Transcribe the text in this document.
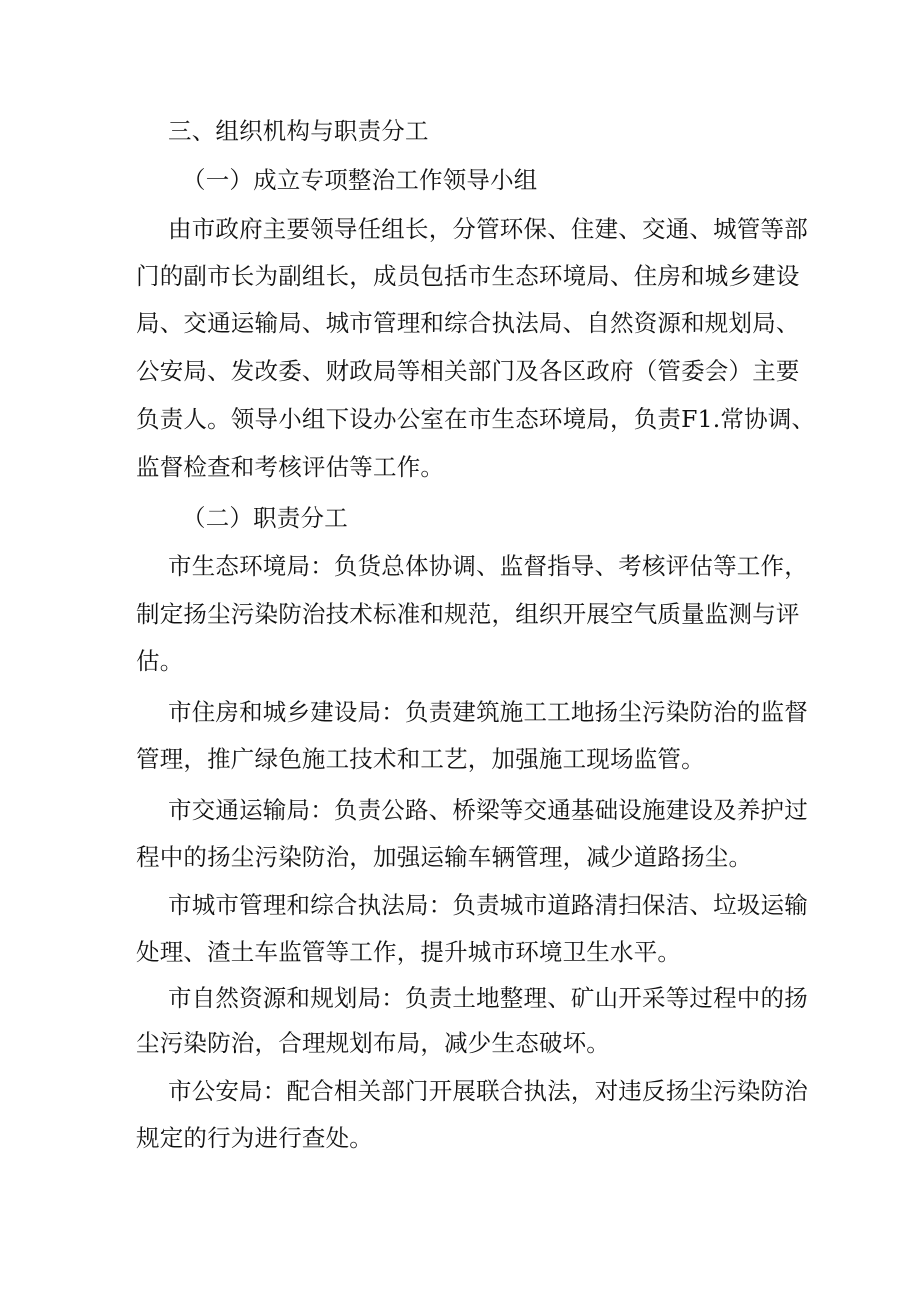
三、组织机构与职责分工
（一）成立专项整治工作领导小组
由市政府主要领导任组长，分管环保、住建、交通、城管等部
门的副市长为副组长，成员包括市生态环境局、住房和城乡建设
局、交通运输局、城市管理和综合执法局、自然资源和规划局、
公安局、发改委、财政局等相关部门及各区政府（管委会）主要
负责人。领导小组下设办公室在市生态环境局，负责F1.常协调、
监督检查和考核评估等工作。
（二）职责分工
市生态环境局：负货总体协调、监督指导、考核评估等工作，
制定扬尘污染防治技术标准和规范，组织开展空气质量监测与评
估。
市住房和城乡建设局：负责建筑施工工地扬尘污染防治的监督
管理，推广绿色施工技术和工艺，加强施工现场监管。
市交通运输局：负责公路、桥梁等交通基础设施建设及养护过
程中的扬尘污染防治，加强运输车辆管理，减少道路扬尘。
市城市管理和综合执法局：负责城市道路清扫保洁、垃圾运输
处理、渣土车监管等工作，提升城市环境卫生水平。
市自然资源和规划局：负责土地整理、矿山开采等过程中的扬
尘污染防治，合理规划布局，减少生态破坏。
市公安局：配合相关部门开展联合执法，对违反扬尘污染防治
规定的行为进行查处。
